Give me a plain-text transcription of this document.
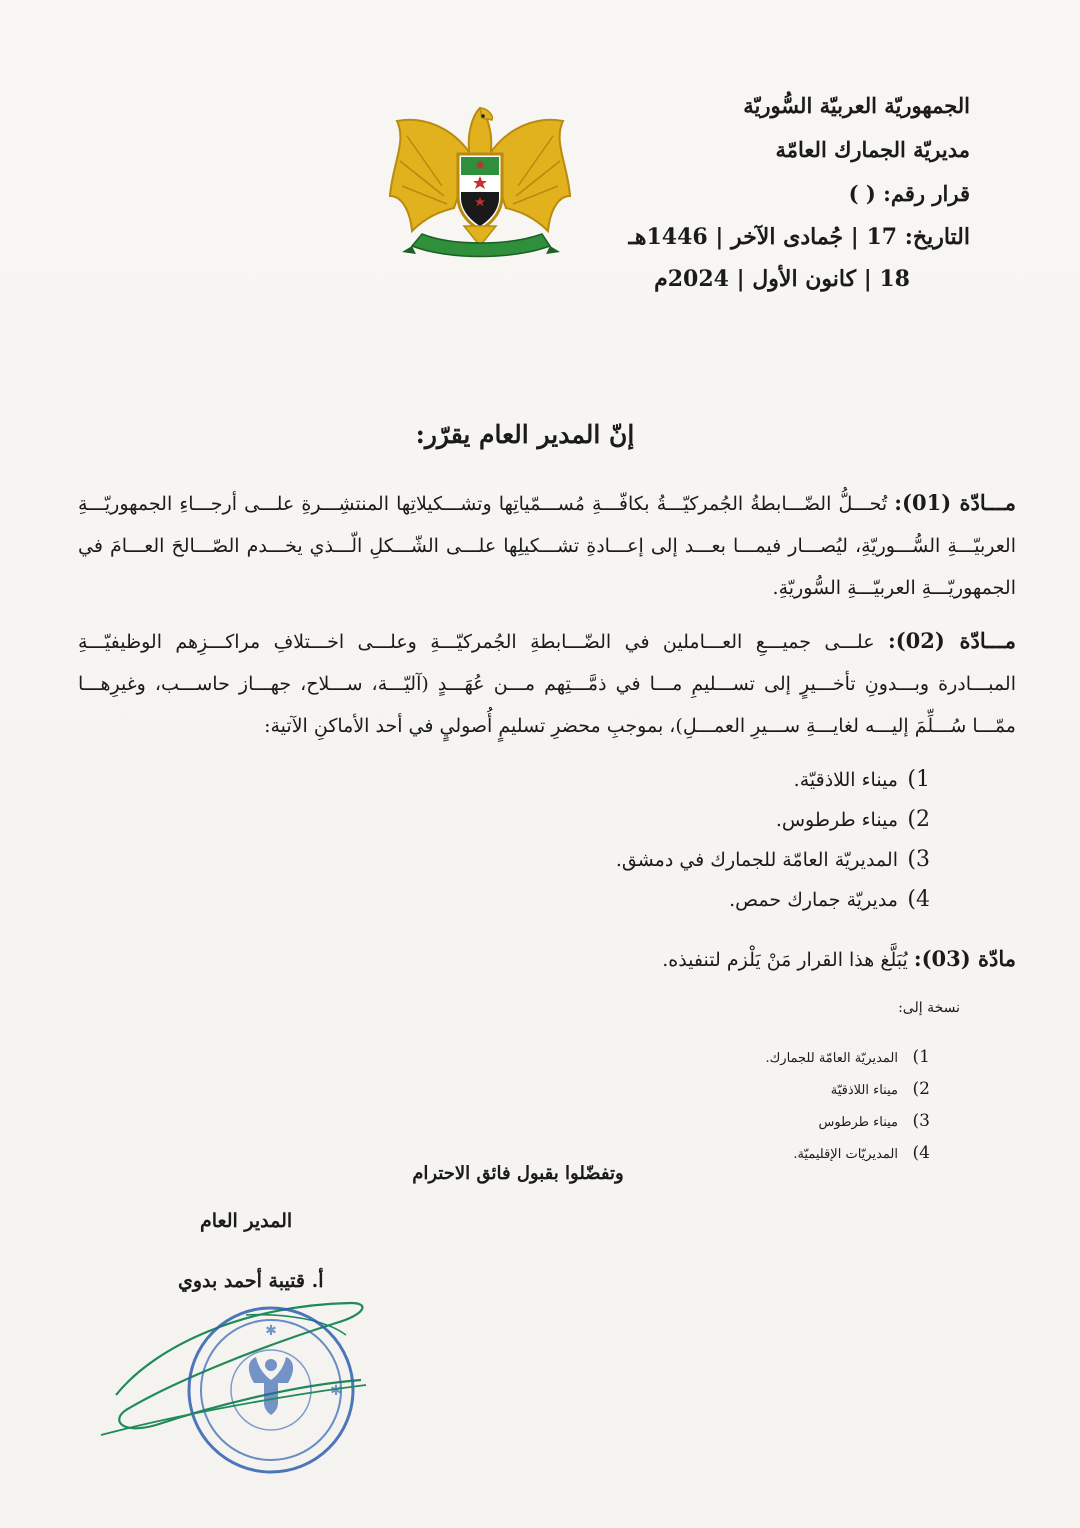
الجمهوريّة العربيّة السُّوريّة
مديريّة الجمارك العامّة
قرار رقم: ( )
التاريخ: 17 | جُمادى الآخر | 1446هـ
18 | كانون الأول | 2024م
إنّ المدير العام يقرّر:
مـــادّة (01): تُحـــلُّ الضّـــابطةُ الجُمركيّـــةُ بكافّـــةِ مُســـمّياتِها وتشـــكيلاتِها المنتشِـــرةِ علـــى أرجـــاءِ الجمهوريّـــةِ العربيّـــةِ السُّـــوريّةِ، ليُصـــار فيمـــا بعـــد إلى إعـــادةِ تشـــكيلِها علـــى الشّـــكلِ الّـــذي يخـــدم الصّـــالحَ العـــامَ في الجمهوريّـــةِ العربيّـــةِ السُّوريّةِ.
مـــادّة (02): علـــى جميـــعِ العـــاملين في الضّـــابطةِ الجُمركيّـــةِ وعلـــى اخـــتلافِ مراكـــزِهم الوظيفيّـــةِ المبـــادرة وبـــدونِ تأخـــيرٍ إلى تســـليمِ مـــا في ذمَّـــتِهم مـــن عُهَـــدٍ (آليّـــة، ســـلاح، جهـــاز حاســـب، وغيرِهـــا ممّـــا سُـــلِّمَ إليـــه لغايـــةِ ســـيرِ العمـــلِ)، بموجبِ محضرِ تسليمٍ أُصوليٍ في أحد الأماكنِ الآتية:
1)ميناء اللاذقيّة.
2)ميناء طرطوس.
3)المديريّة العامّة للجمارك في دمشق.
4)مديريّة جمارك حمص.
مادّة (03): يُبَلَّغ هذا القرار مَنْ يَلْزم لتنفيذه.
نسخة إلى:
1)المديريّة العامّة للجمارك.
2)ميناء اللاذقيّة
3)ميناء طرطوس
4)المديريّات الإقليميّة.
وتفضّلوا بقبول فائق الاحترام
المدير العام
أ. قتيبة أحمد بدوي
✱
✱
